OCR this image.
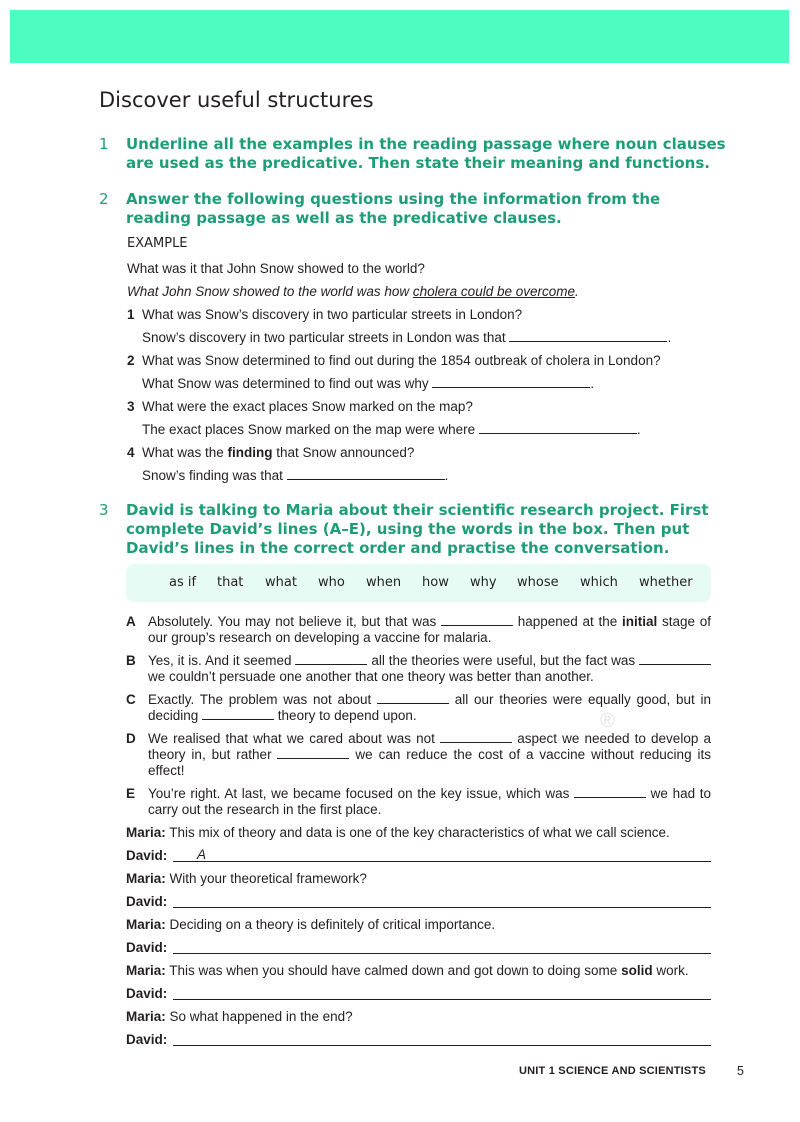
Discover useful structures
1 Underline all the examples in the reading passage where noun clauses are used as the predicative. Then state their meaning and functions.
2 Answer the following questions using the information from the reading passage as well as the predicative clauses.
EXAMPLE
What was it that John Snow showed to the world?
What John Snow showed to the world was how cholera could be overcome.
1 What was Snow’s discovery in two particular streets in London?
Snow’s discovery in two particular streets in London was that	.
2 What was Snow determined to find out during the 1854 outbreak of cholera in London?
What Snow was determined to find out was why	.
3 What were the exact places Snow marked on the map?
The exact places Snow marked on the map were where	.
4 What was the finding that Snow announced?
Snow’s finding was that	.
3 David is talking to Maria about their scientific research project. First complete David’s lines (A–E), using the words in the box. Then put David’s lines in the correct order and practise the conversation.
as if that what who when how why whose which whether
A Absolutely. You may not believe it, but that was	happened at the initial stage of our group’s research on developing a vaccine for malaria.
B Yes, it is. And it seemed	all the theories were useful, but the fact was  we couldn’t persuade one another that one theory was better than another.
C Exactly. The problem was not about	all our theories were equally good, but in deciding	theory to depend upon.
D We realised that what we cared about was not	aspect we needed to develop a theory in, but rather	we can reduce the cost of a vaccine without reducing its effect!
E You’re right. At last, we became focused on the key issue, which was	we had to carry out the research in the first place.
Maria: This mix of theory and data is one of the key characteristics of what we call science.
David: A
Maria: With your theoretical framework?
David:
Maria: Deciding on a theory is definitely of critical importance.
David:
Maria: This was when you should have calmed down and got down to doing some solid work.
David:
Maria: So what happened in the end?
David:
®
UNIT 1 SCIENCE AND SCIENTISTS 5
